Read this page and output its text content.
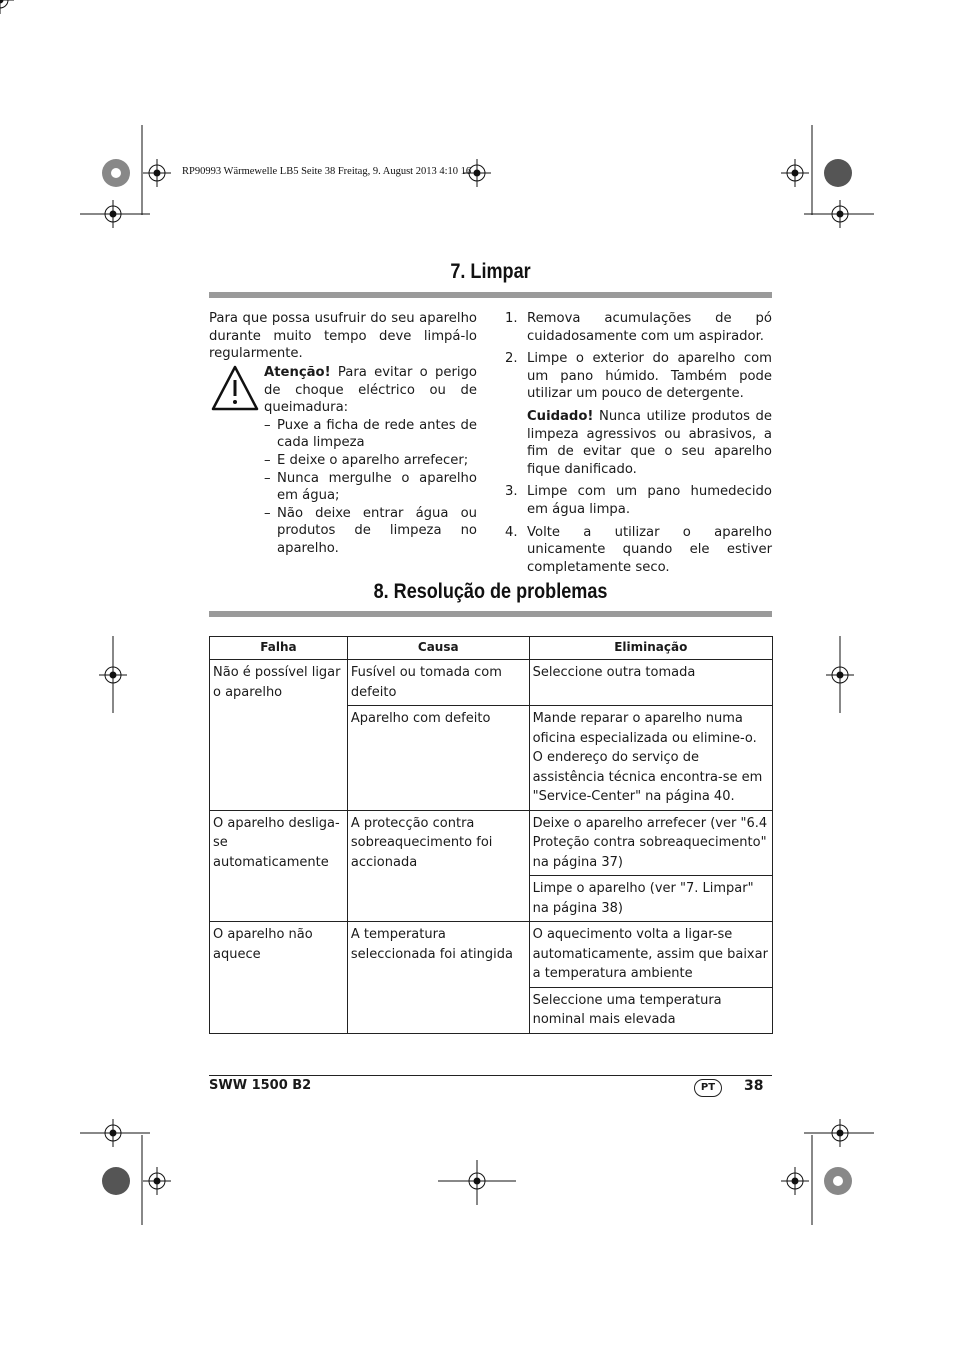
RP90993 Wärmewelle LB5 Seite 38 Freitag, 9. August 2013 4:10 16
7. Limpar
Para que possa usufruir do seu aparelho durante muito tempo deve limpá-lo regularmente.
Atenção! Para evitar o perigo de choque eléctrico ou de queimadura:
– Puxe a ficha de rede antes de cada limpeza
– E deixe o aparelho arrefecer;
– Nunca mergulhe o aparelho em água;
– Não deixe entrar água ou produtos de limpeza no aparelho.
1. Remova acumulações de pó cuidadosamente com um aspirador.
2. Limpe o exterior do aparelho com um pano húmido. Também pode utilizar um pouco de detergente.
Cuidado! Nunca utilize produtos de limpeza agressivos ou abrasivos, a fim de evitar que o seu aparelho fique danificado.
3. Limpe com um pano humedecido em água limpa.
4. Volte a utilizar o aparelho unicamente quando ele estiver completamente seco.
8. Resolução de problemas
Falha	Causa	Eliminação
Não é possível ligar o aparelho	Fusível ou tomada com defeito	Seleccione outra tomada
	Aparelho com defeito	Mande reparar o aparelho numa oficina especializada ou elimine-o. O endereço do serviço de assistência técnica encontra-se em "Service-Center" na página 40.
O aparelho desliga-se automaticamente	A protecção contra sobreaquecimento foi accionada	Deixe o aparelho arrefecer (ver "6.4 Proteção contra sobreaquecimento" na página 37)
		Limpe o aparelho (ver "7. Limpar" na página 38)
O aparelho não aquece	A temperatura seleccionada foi atingida	O aquecimento volta a ligar-se automaticamente, assim que baixar a temperatura ambiente
		Seleccione uma temperatura nominal mais elevada
SWW 1500 B2	PT	38
